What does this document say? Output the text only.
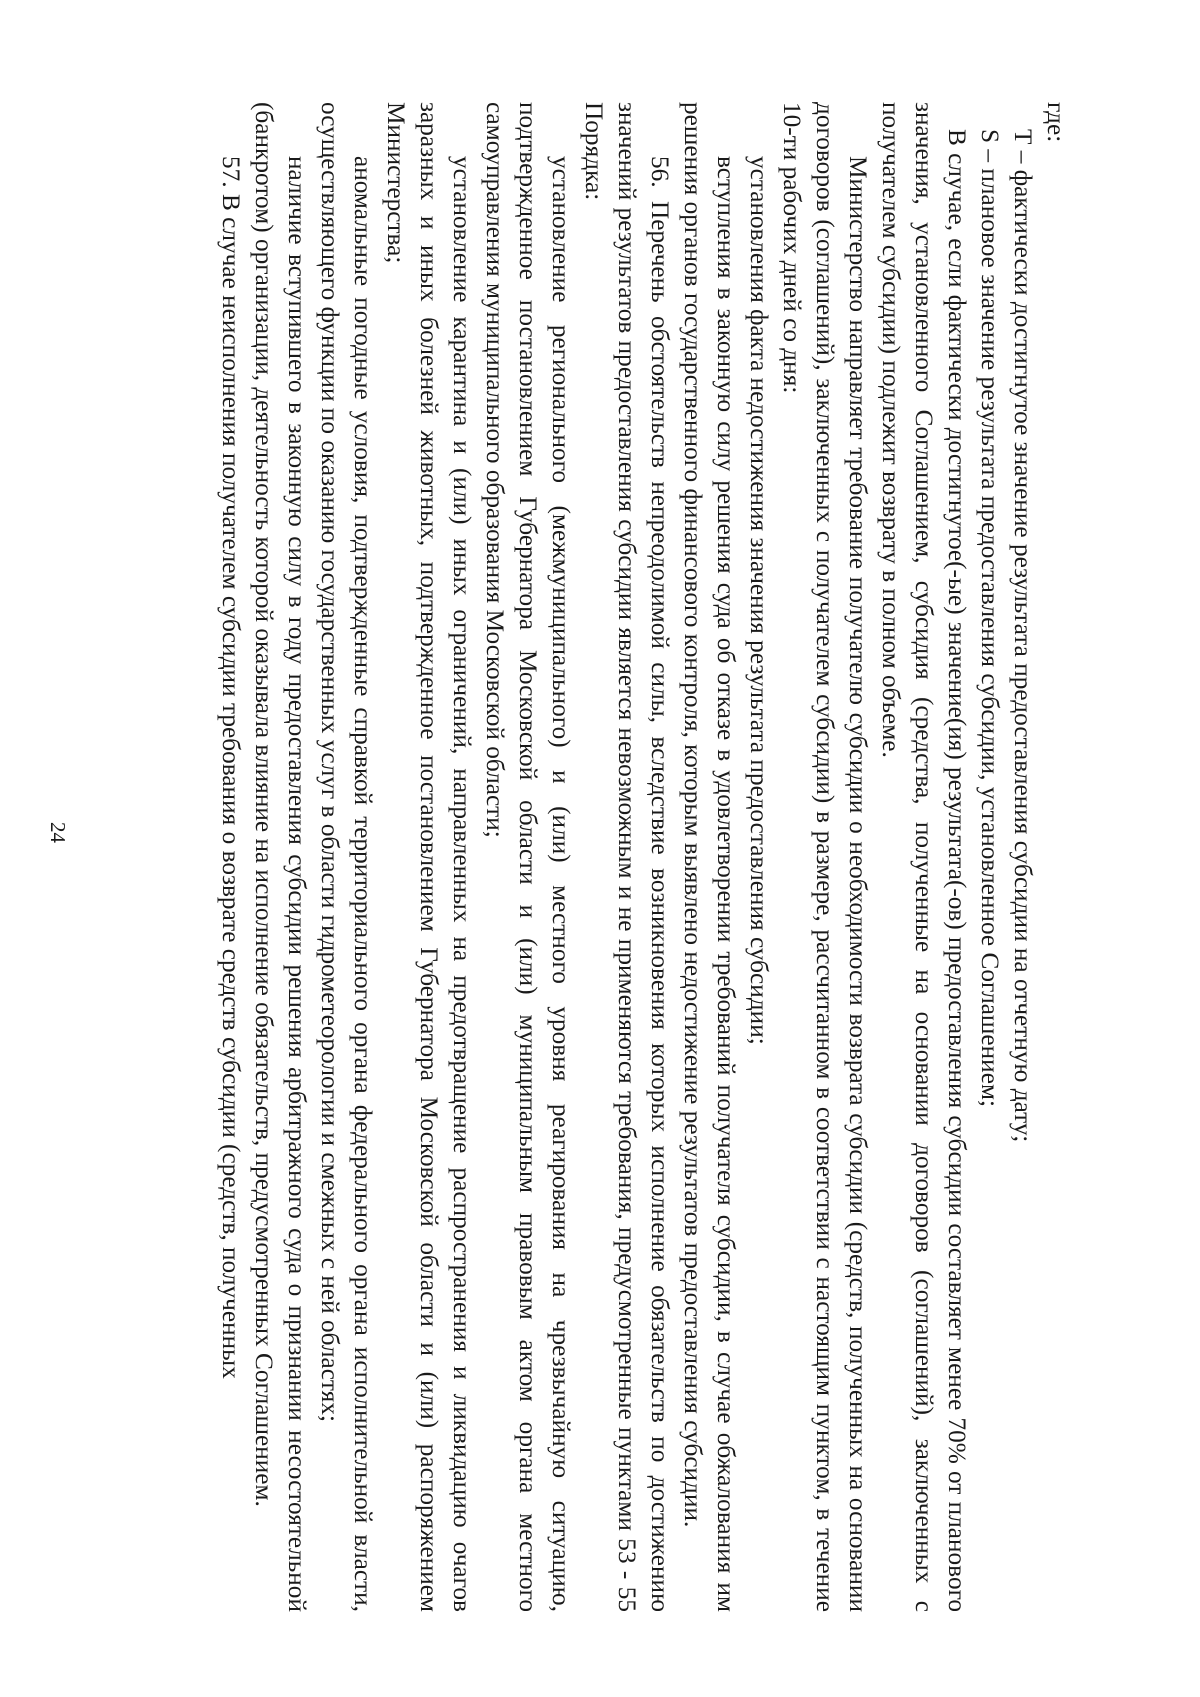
24

где:

Т – фактически достигнутое значение результата предоставления субсидии на отчетную дату;

S – плановое значение результата предоставления субсидии, установленное Соглашением;

В случае, если фактически достигнутое(-ые) значение(ия) результата(-ов) предоставления субсидии составляет менее 70% от планового значения, установленного Соглашением, субсидия (средства, полученные на основании договоров (соглашений), заключенных с получателем субсидии) подлежит возврату в полном объеме.

Министерство направляет требование получателю субсидии о необходимости возврата субсидии (средств, полученных на основании договоров (соглашений), заключенных с получателем субсидии) в размере, рассчитанном в соответствии с настоящим пунктом, в течение 10-ти рабочих дней со дня:

установления факта недостижения значения результата предоставления субсидии;

вступления в законную силу решения суда об отказе в удовлетворении требований получателя субсидии, в случае обжалования им решения органов государственного финансового контроля, которым выявлено недостижение результатов предоставления субсидии.

56. Перечень обстоятельств непреодолимой силы, вследствие возникновения которых исполнение обязательств по достижению значений результатов предоставления субсидии является невозможным и не применяются требования, предусмотренные пунктами 53 - 55 Порядка:

установление регионального (межмуниципального) и (или) местного уровня реагирования на чрезвычайную ситуацию, подтвержденное постановлением Губернатора Московской области и (или) муниципальным правовым актом органа местного самоуправления муниципального образования Московской области;

установление карантина и (или) иных ограничений, направленных на предотвращение распространения и ликвидацию очагов заразных и иных болезней животных, подтвержденное постановлением Губернатора Московской области и (или) распоряжением Министерства;

аномальные погодные условия, подтвержденные справкой территориального органа федерального органа исполнительной власти, осуществляющего функции по оказанию государственных услуг в области гидрометеорологии и смежных с ней областях;

наличие вступившего в законную силу в году предоставления субсидии решения арбитражного суда о признании несостоятельной (банкротом) организации, деятельность которой оказывала влияние на исполнение обязательств, предусмотренных Соглашением.

57. В случае неисполнения получателем субсидии требования о возврате средств субсидии (средств, полученных
